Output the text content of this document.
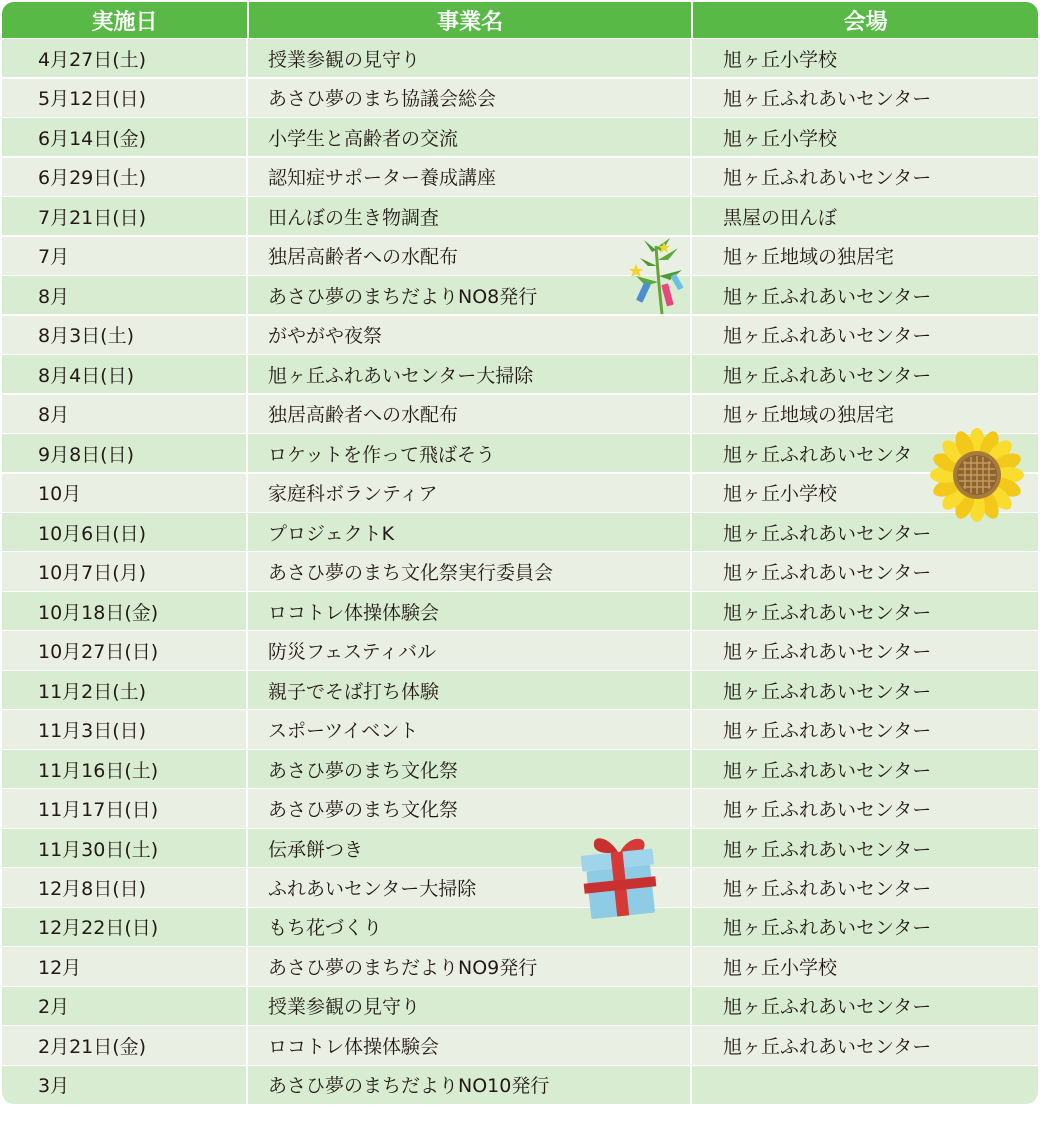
実施日	事業名	会場
4月27日(土)	授業参観の見守り	旭ヶ丘小学校
5月12日(日)	あさひ夢のまち協議会総会	旭ヶ丘ふれあいセンター
6月14日(金)	小学生と高齢者の交流	旭ヶ丘小学校
6月29日(土)	認知症サポーター養成講座	旭ヶ丘ふれあいセンター
7月21日(日)	田んぼの生き物調査	黒屋の田んぼ
7月	独居高齢者への水配布	旭ヶ丘地域の独居宅
8月	あさひ夢のまちだよりNO8発行	旭ヶ丘ふれあいセンター
8月3日(土)	がやがや夜祭	旭ヶ丘ふれあいセンター
8月4日(日)	旭ヶ丘ふれあいセンター大掃除	旭ヶ丘ふれあいセンター
8月	独居高齢者への水配布	旭ヶ丘地域の独居宅
9月8日(日)	ロケットを作って飛ばそう	旭ヶ丘ふれあいセンタ
10月	家庭科ボランティア	旭ヶ丘小学校
10月6日(日)	プロジェクトK	旭ヶ丘ふれあいセンター
10月7日(月)	あさひ夢のまち文化祭実行委員会	旭ヶ丘ふれあいセンター
10月18日(金)	ロコトレ体操体験会	旭ヶ丘ふれあいセンター
10月27日(日)	防災フェスティバル	旭ヶ丘ふれあいセンター
11月2日(土)	親子でそば打ち体験	旭ヶ丘ふれあいセンター
11月3日(日)	スポーツイベント	旭ヶ丘ふれあいセンター
11月16日(土)	あさひ夢のまち文化祭	旭ヶ丘ふれあいセンター
11月17日(日)	あさひ夢のまち文化祭	旭ヶ丘ふれあいセンター
11月30日(土)	伝承餅つき	旭ヶ丘ふれあいセンター
12月8日(日)	ふれあいセンター大掃除	旭ヶ丘ふれあいセンター
12月22日(日)	もち花づくり	旭ヶ丘ふれあいセンター
12月	あさひ夢のまちだよりNO9発行	旭ヶ丘小学校
2月	授業参観の見守り	旭ヶ丘ふれあいセンター
2月21日(金)	ロコトレ体操体験会	旭ヶ丘ふれあいセンター
3月	あさひ夢のまちだよりNO10発行
